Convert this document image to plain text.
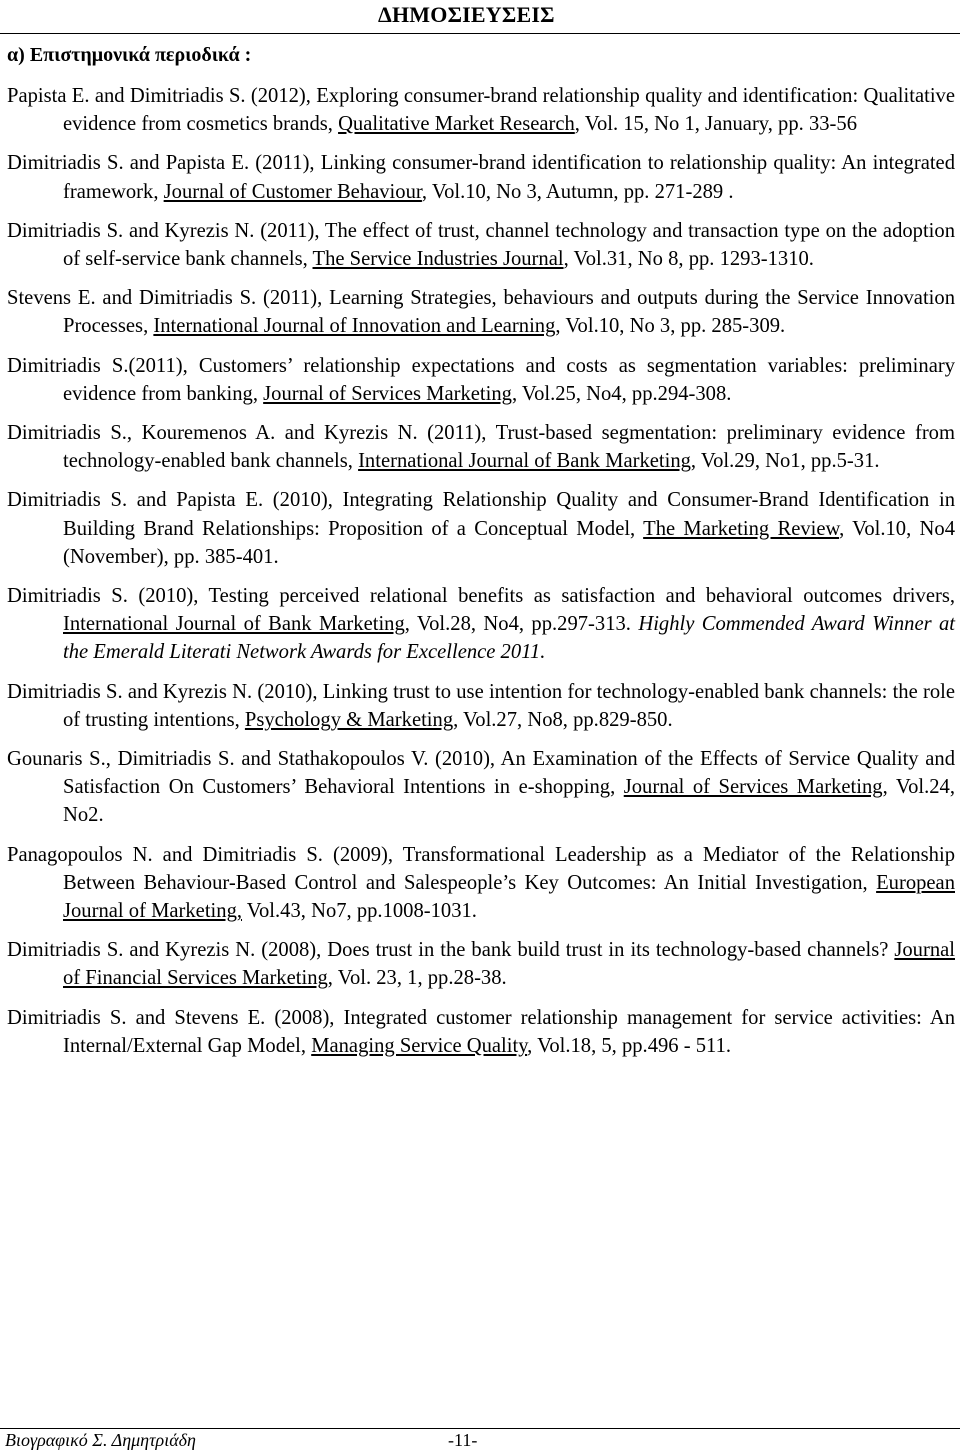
ΔΗΜΟΣΙΕΥΣΕΙΣ
α) Επιστημονικά περιοδικά :

Papista E. and Dimitriadis S. (2012), Exploring consumer-brand relationship quality and identification: Qualitative evidence from cosmetics brands, Qualitative Market Research, Vol. 15, No 1, January, pp. 33-56

Dimitriadis S. and Papista E. (2011), Linking consumer-brand identification to relationship quality: An integrated framework, Journal of Customer Behaviour, Vol.10, No 3, Autumn, pp. 271-289 .

Dimitriadis S. and Kyrezis N. (2011), The effect of trust, channel technology and transaction type on the adoption of self-service bank channels, The Service Industries Journal, Vol.31, No 8, pp. 1293-1310.

Stevens E. and Dimitriadis S. (2011), Learning Strategies, behaviours and outputs during the Service Innovation Processes, International Journal of Innovation and Learning, Vol.10, No 3, pp. 285-309.

Dimitriadis S.(2011), Customers’ relationship expectations and costs as segmentation variables: preliminary evidence from banking, Journal of Services Marketing, Vol.25, No4, pp.294-308.

Dimitriadis S., Kouremenos A. and Kyrezis N. (2011), Trust-based segmentation: preliminary evidence from technology-enabled bank channels, International Journal of Bank Marketing, Vol.29, No1, pp.5-31.

Dimitriadis S. and Papista E. (2010), Integrating Relationship Quality and Consumer-Brand Identification in Building Brand Relationships: Proposition of a Conceptual Model, The Marketing Review, Vol.10, No4 (November), pp. 385-401.

Dimitriadis S. (2010), Testing perceived relational benefits as satisfaction and behavioral outcomes drivers, International Journal of Bank Marketing, Vol.28, No4, pp.297-313. Highly Commended Award Winner at the Emerald Literati Network Awards for Excellence 2011.

Dimitriadis S. and Kyrezis N. (2010), Linking trust to use intention for technology-enabled bank channels: the role of trusting intentions, Psychology & Marketing, Vol.27, No8, pp.829-850.

Gounaris S., Dimitriadis S. and Stathakopoulos V. (2010), An Examination of the Effects of Service Quality and Satisfaction On Customers’ Behavioral Intentions in e-shopping, Journal of Services Marketing, Vol.24, No2.

Panagopoulos N. and Dimitriadis S. (2009), Transformational Leadership as a Mediator of the Relationship Between Behaviour-Based Control and Salespeople’s Key Outcomes: An Initial Investigation, European Journal of Marketing, Vol.43, No7, pp.1008-1031.

Dimitriadis S. and Kyrezis N. (2008), Does trust in the bank build trust in its technology-based channels? Journal of Financial Services Marketing, Vol. 23, 1, pp.28-38.

Dimitriadis S. and Stevens E. (2008), Integrated customer relationship management for service activities: An Internal/External Gap Model, Managing Service Quality, Vol.18, 5, pp.496 - 511.

Βιογραφικό Σ. Δημητριάδη	-11-
